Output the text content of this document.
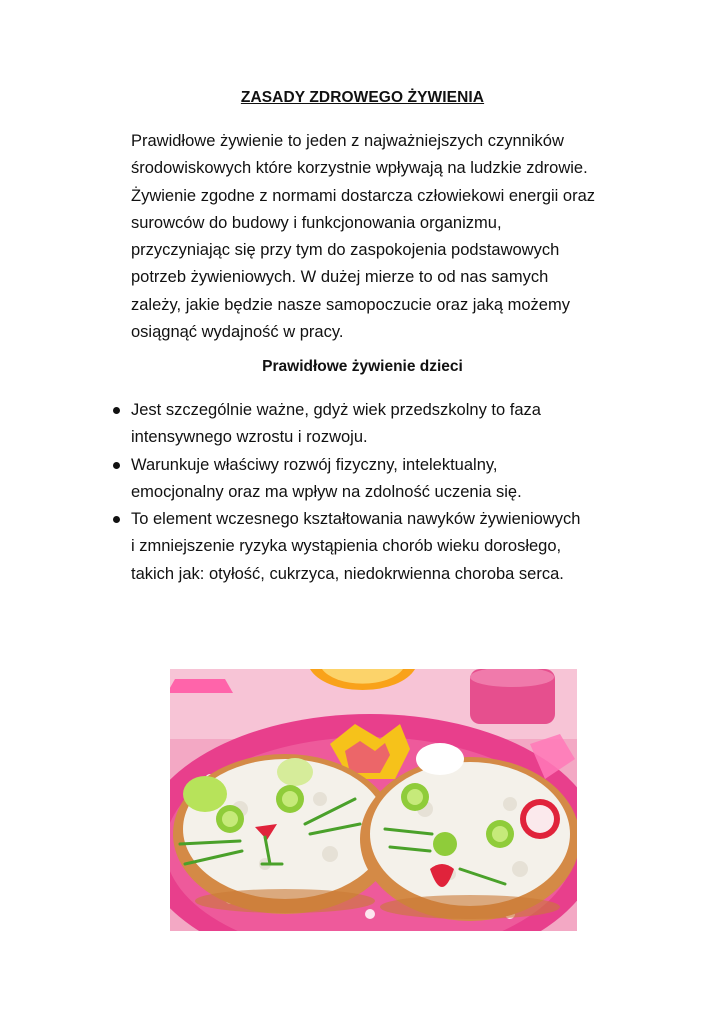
ZASADY ZDROWEGO ŻYWIENIA
Prawidłowe żywienie to jeden z najważniejszych czynników
środowiskowych które korzystnie wpływają na ludzkie zdrowie.
Żywienie zgodne z normami dostarcza człowiekowi energii oraz
surowców do budowy i funkcjonowania organizmu,
przyczyniając się przy tym do zaspokojenia podstawowych
potrzeb żywieniowych. W dużej mierze to od nas samych
zależy, jakie będzie nasze samopoczucie oraz jaką możemy
osiągnąć wydajność w pracy.
Prawidłowe żywienie dzieci
Jest szczególnie ważne, gdyż wiek przedszkolny to faza
intensywnego wzrostu i rozwoju.
Warunkuje właściwy rozwój fizyczny, intelektualny,
emocjonalny oraz ma wpływ na zdolność uczenia się.
To element wczesnego kształtowania nawyków żywieniowych
i zmniejszenie ryzyka wystąpienia chorób wieku dorosłego,
takich jak: otyłość, cukrzyca, niedokrwienna choroba serca.
